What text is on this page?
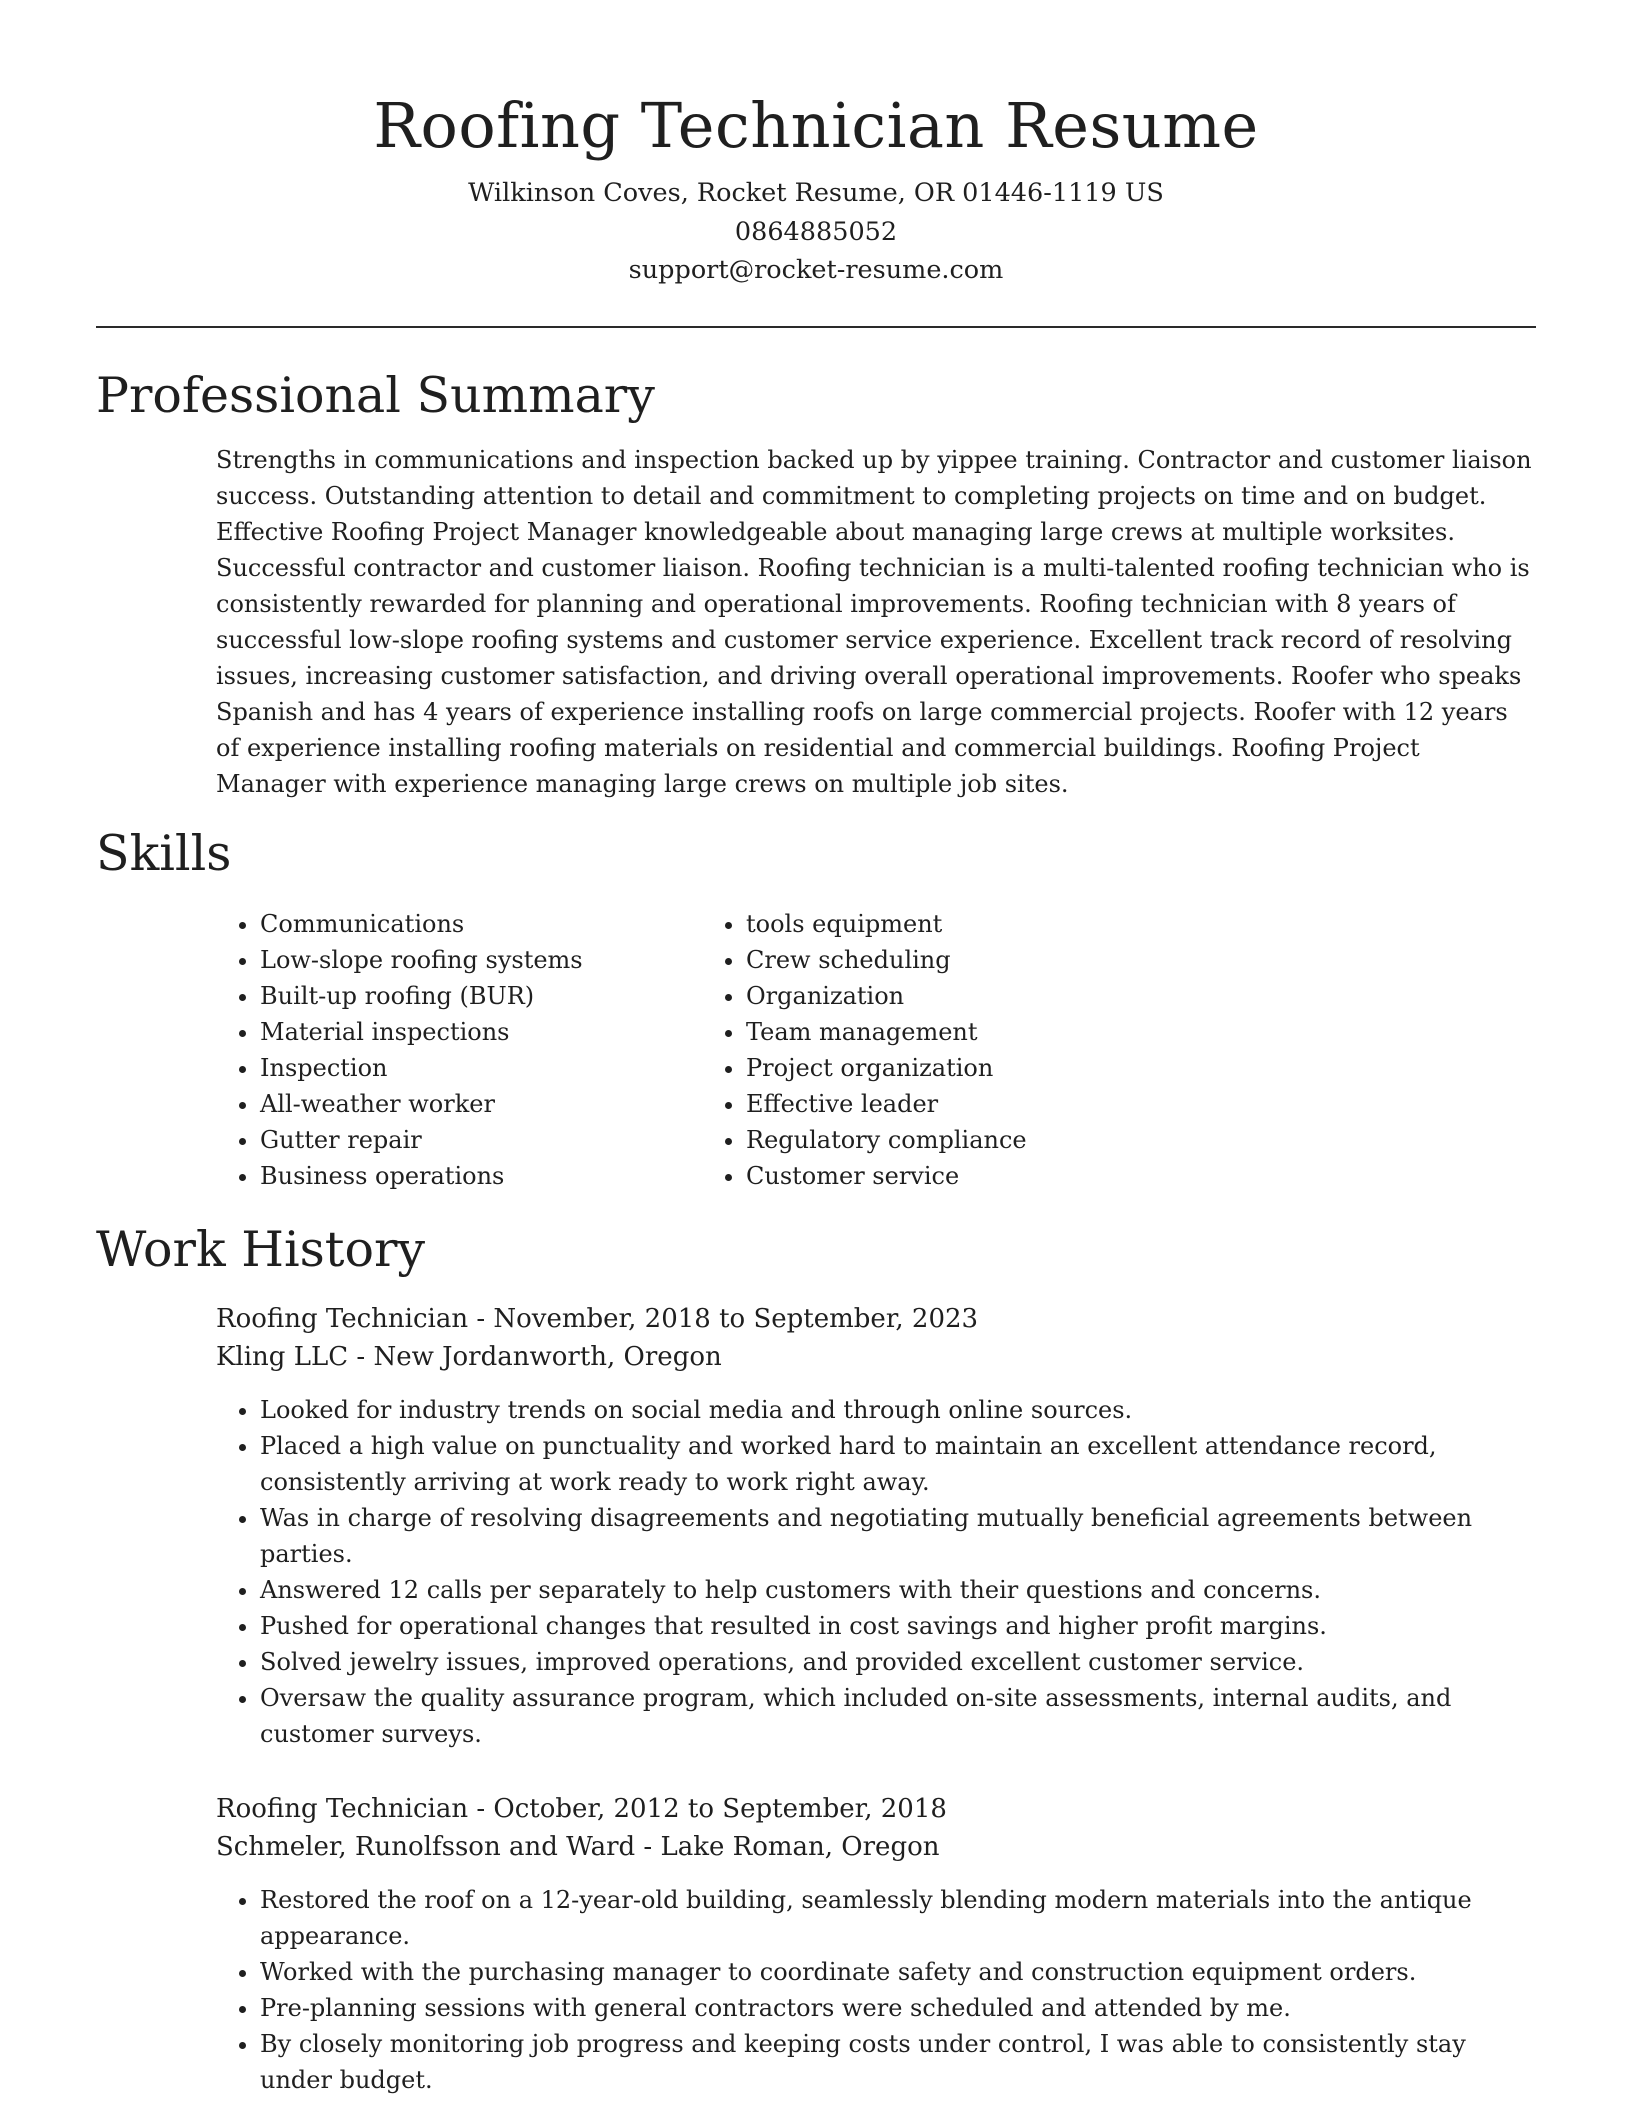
Roofing Technician Resume
Wilkinson Coves, Rocket Resume, OR 01446-1119 US
0864885052
support@rocket-resume.com
Professional Summary

Strengths in communications and inspection backed up by yippee training. Contractor and customer liaison success. Outstanding attention to detail and commitment to completing projects on time and on budget. Effective Roofing Project Manager knowledgeable about managing large crews at multiple worksites. Successful contractor and customer liaison. Roofing technician is a multi-talented roofing technician who is consistently rewarded for planning and operational improvements. Roofing technician with 8 years of successful low-slope roofing systems and customer service experience. Excellent track record of resolving issues, increasing customer satisfaction, and driving overall operational improvements. Roofer who speaks Spanish and has 4 years of experience installing roofs on large commercial projects. Roofer with 12 years of experience installing roofing materials on residential and commercial buildings. Roofing Project Manager with experience managing large crews on multiple job sites.

Skills
• Communications
• Low-slope roofing systems
• Built-up roofing (BUR)
• Material inspections
• Inspection
• All-weather worker
• Gutter repair
• Business operations
• tools equipment
• Crew scheduling
• Organization
• Team management
• Project organization
• Effective leader
• Regulatory compliance
• Customer service
Work History
Roofing Technician - November, 2018 to September, 2023
Kling LLC - New Jordanworth, Oregon
• Looked for industry trends on social media and through online sources.
• Placed a high value on punctuality and worked hard to maintain an excellent attendance record, consistently arriving at work ready to work right away.
• Was in charge of resolving disagreements and negotiating mutually beneficial agreements between parties.
• Answered 12 calls per separately to help customers with their questions and concerns.
• Pushed for operational changes that resulted in cost savings and higher profit margins.
• Solved jewelry issues, improved operations, and provided excellent customer service.
• Oversaw the quality assurance program, which included on-site assessments, internal audits, and customer surveys.
Roofing Technician - October, 2012 to September, 2018
Schmeler, Runolfsson and Ward - Lake Roman, Oregon
• Restored the roof on a 12-year-old building, seamlessly blending modern materials into the antique appearance.
• Worked with the purchasing manager to coordinate safety and construction equipment orders.
• Pre-planning sessions with general contractors were scheduled and attended by me.
• By closely monitoring job progress and keeping costs under control, I was able to consistently stay under budget.
